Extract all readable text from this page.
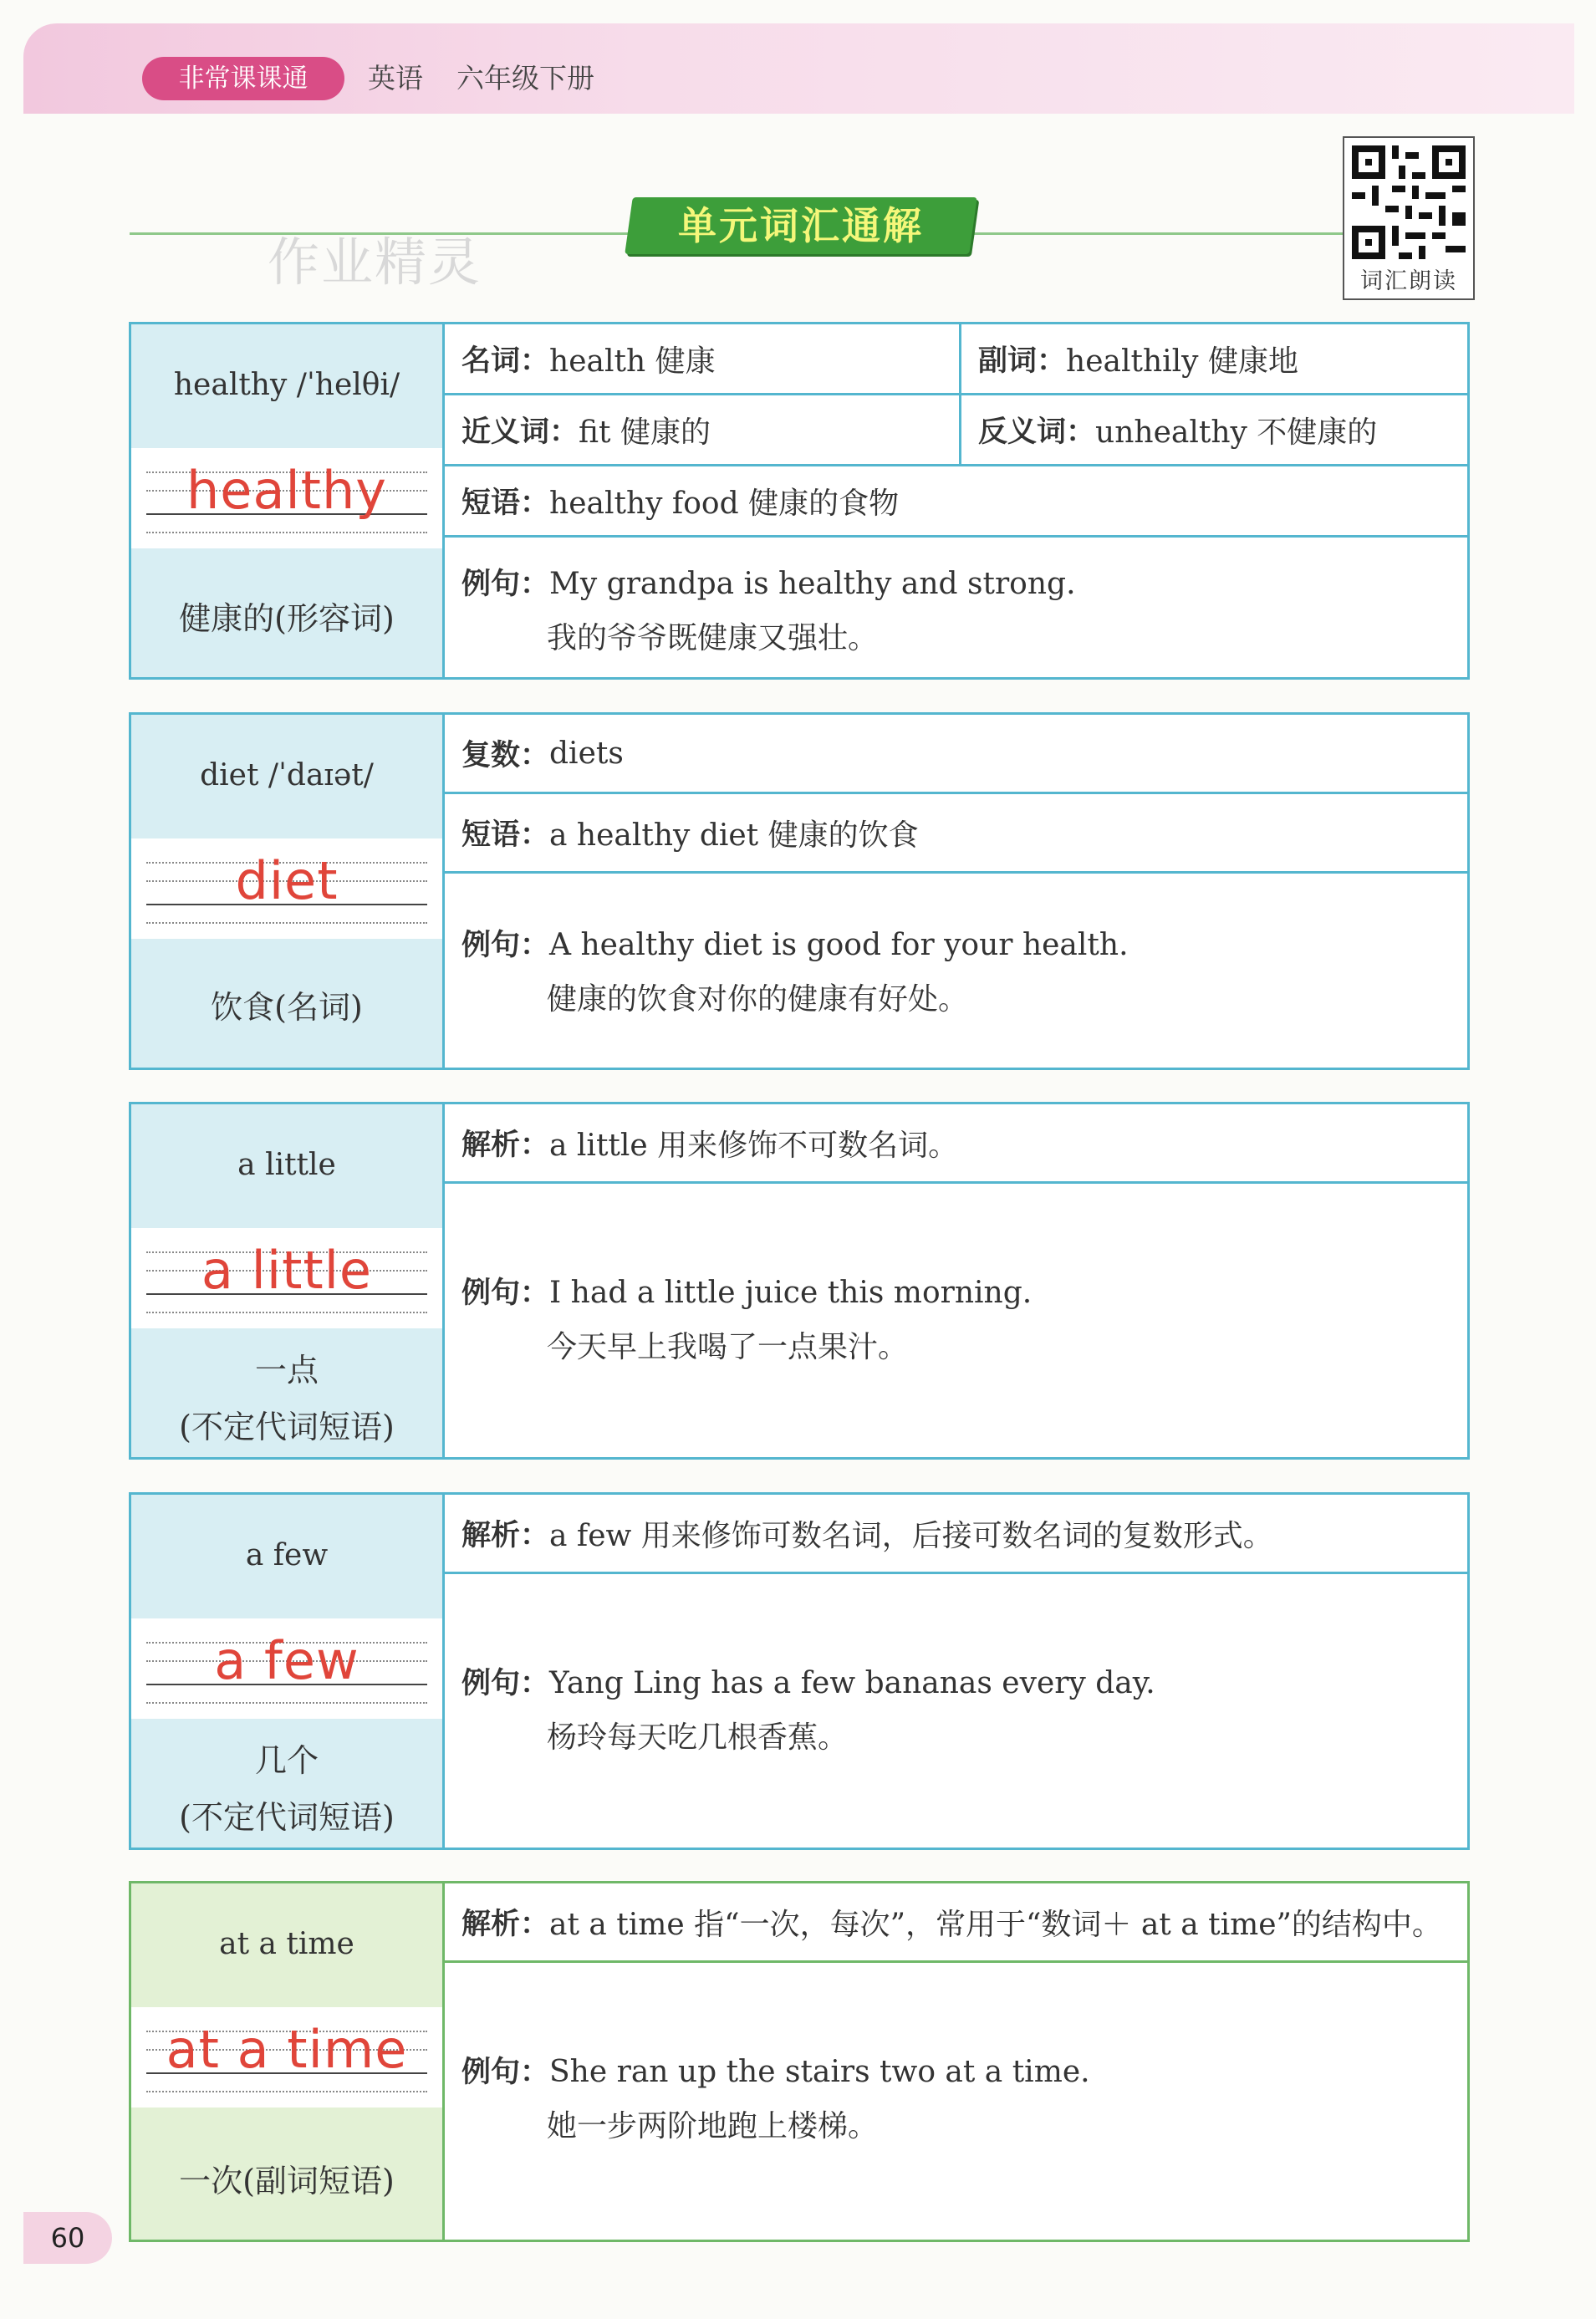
非常课课通	英语 六年级下册
作业精灵
单元词汇通解
词汇朗读
healthy /ˈhelθi/
healthy
健康的(形容词)
名词： health 健康	副词： healthily 健康地
近义词： fit 健康的	反义词： unhealthy 不健康的
短语： healthy food 健康的食物
例句：My grandpa is healthy and strong.
我的爷爷既健康又强壮。
diet /ˈdaɪət/
diet
饮食(名词)
复数： diets
短语： a healthy diet 健康的饮食
例句：A healthy diet is good for your health.
健康的饮食对你的健康有好处。
a little
a little
一点
(不定代词短语)
解析： a little 用来修饰不可数名词。
例句：I had a little juice this morning.
今天早上我喝了一点果汁。
a few
a few
几个
(不定代词短语)
解析： a few 用来修饰可数名词，后接可数名词的复数形式。
例句：Yang Ling has a few bananas every day.
杨玲每天吃几根香蕉。
at a time
at a time
一次(副词短语)
解析： at a time 指“一次，每次”，常用于“数词＋ at a time”的结构中。
例句：She ran up the stairs two at a time.
她一步两阶地跑上楼梯。
60
